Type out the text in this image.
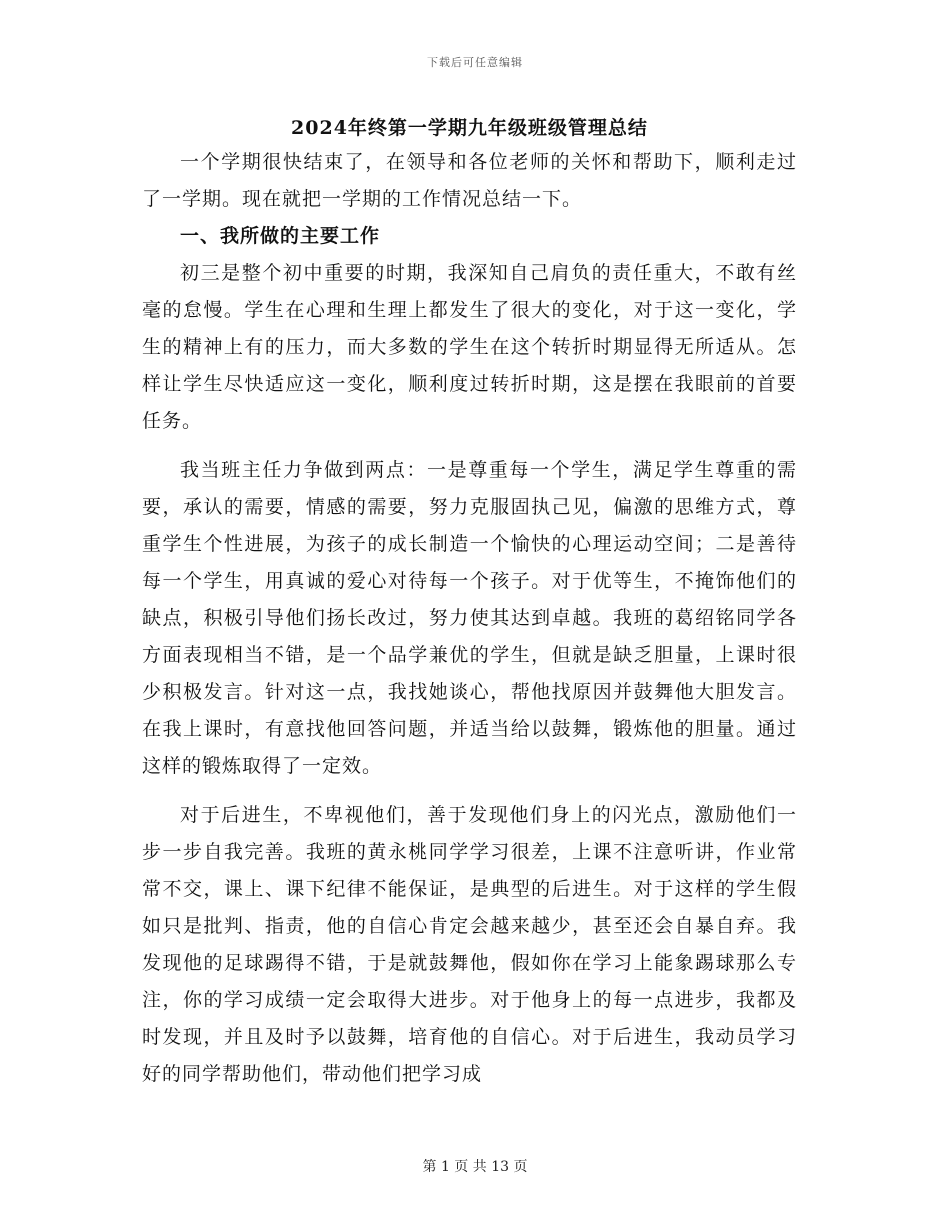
下载后可任意编辑
2024年终第一学期九年级班级管理总结

一个学期很快结束了，在领导和各位老师的关怀和帮助下，顺利走过了一学期。现在就把一学期的工作情况总结一下。

一、我所做的主要工作

初三是整个初中重要的时期，我深知自己肩负的责任重大，不敢有丝毫的怠慢。学生在心理和生理上都发生了很大的变化，对于这一变化，学生的精神上有的压力，而大多数的学生在这个转折时期显得无所适从。怎样让学生尽快适应这一变化，顺利度过转折时期，这是摆在我眼前的首要任务。

我当班主任力争做到两点：一是尊重每一个学生，满足学生尊重的需要，承认的需要，情感的需要，努力克服固执己见，偏激的思维方式，尊重学生个性进展，为孩子的成长制造一个愉快的心理运动空间；二是善待每一个学生，用真诚的爱心对待每一个孩子。对于优等生，不掩饰他们的缺点，积极引导他们扬长改过，努力使其达到卓越。我班的葛绍铭同学各方面表现相当不错，是一个品学兼优的学生，但就是缺乏胆量，上课时很少积极发言。针对这一点，我找她谈心，帮他找原因并鼓舞他大胆发言。在我上课时，有意找他回答问题，并适当给以鼓舞，锻炼他的胆量。通过这样的锻炼取得了一定效。

对于后进生，不卑视他们，善于发现他们身上的闪光点，激励他们一步一步自我完善。我班的黄永桃同学学习很差，上课不注意听讲，作业常常不交，课上、课下纪律不能保证，是典型的后进生。对于这样的学生假如只是批判、指责，他的自信心肯定会越来越少，甚至还会自暴自弃。我发现他的足球踢得不错，于是就鼓舞他，假如你在学习上能象踢球那么专注，你的学习成绩一定会取得大进步。对于他身上的每一点进步，我都及时发现，并且及时予以鼓舞，培育他的自信心。对于后进生，我动员学习好的同学帮助他们，带动他们把学习成

第 1 页 共 13 页
